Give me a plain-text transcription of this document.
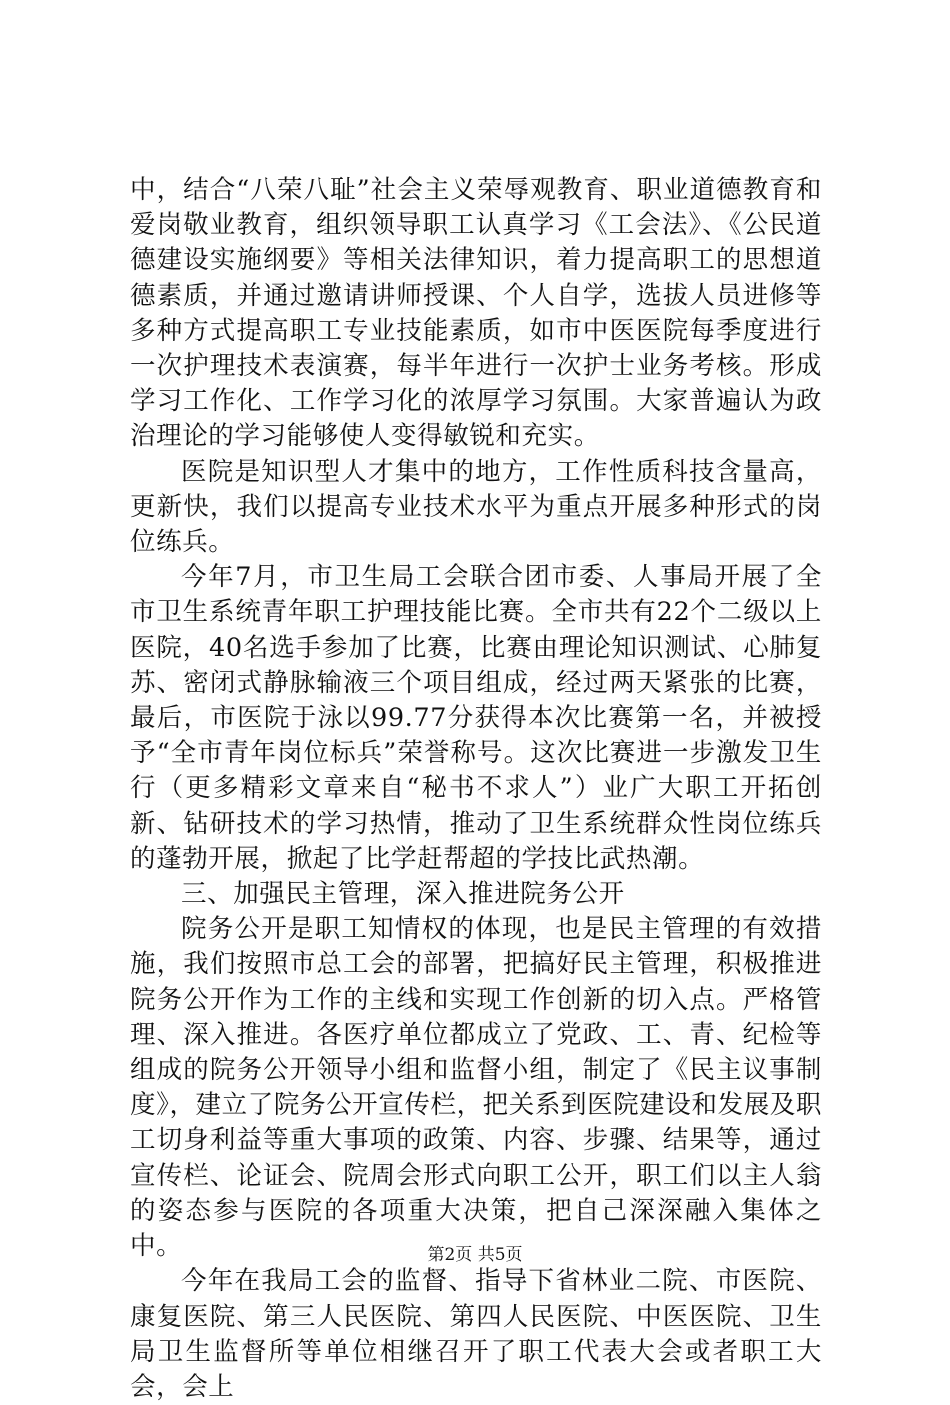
中，结合“八荣八耻”社会主义荣辱观教育、职业道德教育和爱岗敬业教育，组织领导职工认真学习《工会法》、《公民道德建设实施纲要》等相关法律知识，着力提高职工的思想道德素质，并通过邀请讲师授课、个人自学，选拔人员进修等多种方式提高职工专业技能素质，如市中医医院每季度进行一次护理技术表演赛，每半年进行一次护士业务考核。形成学习工作化、工作学习化的浓厚学习氛围。大家普遍认为政治理论的学习能够使人变得敏锐和充实。

医院是知识型人才集中的地方，工作性质科技含量高，更新快，我们以提高专业技术水平为重点开展多种形式的岗位练兵。

今年7月，市卫生局工会联合团市委、人事局开展了全市卫生系统青年职工护理技能比赛。全市共有22个二级以上医院，40名选手参加了比赛，比赛由理论知识测试、心肺复苏、密闭式静脉输液三个项目组成，经过两天紧张的比赛，最后，市医院于泳以99.77分获得本次比赛第一名，并被授予“全市青年岗位标兵”荣誉称号。这次比赛进一步激发卫生行（更多精彩文章来自“秘书不求人”）业广大职工开拓创新、钻研技术的学习热情，推动了卫生系统群众性岗位练兵的蓬勃开展，掀起了比学赶帮超的学技比武热潮。

三、加强民主管理，深入推进院务公开

院务公开是职工知情权的体现，也是民主管理的有效措施，我们按照市总工会的部署，把搞好民主管理，积极推进院务公开作为工作的主线和实现工作创新的切入点。严格管理、深入推进。各医疗单位都成立了党政、工、青、纪检等组成的院务公开领导小组和监督小组，制定了《民主议事制度》，建立了院务公开宣传栏，把关系到医院建设和发展及职工切身利益等重大事项的政策、内容、步骤、结果等，通过宣传栏、论证会、院周会形式向职工公开，职工们以主人翁的姿态参与医院的各项重大决策，把自己深深融入集体之中。

今年在我局工会的监督、指导下省林业二院、市医院、康复医院、第三人民医院、第四人民医院、中医医院、卫生局卫生监督所等单位相继召开了职工代表大会或者职工大会，会上

第2页 共5页
